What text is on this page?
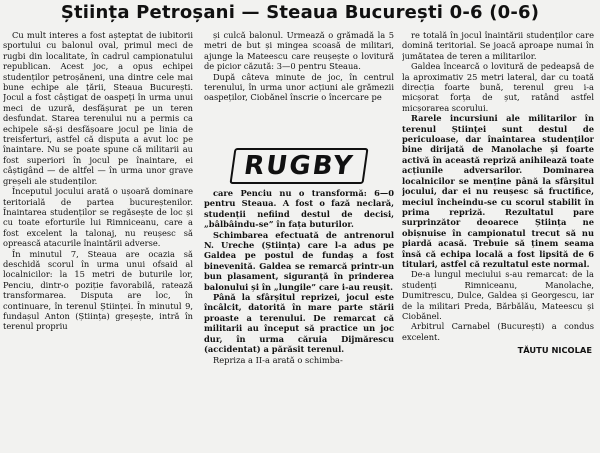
Știința Petroșani — Steaua București 0-6 (0-6)

Cu mult interes a fost așteptat de iubitorii sportului cu balonul oval, primul meci de rugbi din localitate, în cadrul campionatului republican. Acest joc, a opus echipei studenților petroșăneni, una dintre cele mai bune echipe ale țării, Steaua București. Jocul a fost câștigat de oaspeți în urma unui meci de uzură, desfășurat pe un teren desfundat. Starea terenului nu a permis ca echipele să-și desfășoare jocul pe linia de treisferturi, astfel că disputa a avut loc pe înaintare. Nu se poate spune că militarii au fost superiori în jocul pe înaintare, ei câștigând — de altfel — în urma unor grave greșeli ale studenților.

Începutul jocului arată o ușoară dominare teritorială de partea bucureștenilor. Înaintarea studenților se regăsește de loc și cu toate eforturile lui Rimniceanu, care a fost excelent la talonaj, nu reușesc să oprească atacurile înaintării adverse.

În minutul 7, Steaua are ocazia să deschidă scorul în urma unui ofsaid al localnicilor: la 15 metri de buturile lor, Penciu, dintr-o poziție favorabilă, ratează transformarea. Disputa are loc, în continuare, în terenul Științei. În minutul 9, fundașul Anton (Știința) greșește, intră în terenul propriu

și culcă balonul. Urmează o grămadă la 5 metri de but și mingea scoasă de militari, ajunge la Mateescu care reușește o lovitură de picior căzută: 3—0 pentru Steaua.

După câteva minute de joc, în centrul terenului, în urma unor acțiuni ale grămezii oaspeților, Ciobănel înscrie o încercare pe

RUGBY

care Penciu nu o transformă: 6—0 pentru Steaua. A fost o fază neclară, studenții nefiind destul de decisi, „bâlbâindu-se” în fața buturilor.

Schimbarea efectuată de antrenorul N. Ureche (Știința) care l-a adus pe Galdea pe postul de fundaș a fost binevenită. Galdea se remarcă printr-un bun plasament, siguranță în prinderea balonului și în „lungile” care i-au reușit.

Până la sfârșitul reprizei, jocul este încâlcit, datorită în mare parte stării proaste a terenului. De remarcat că militarii au început să practice un joc dur, în urma căruia Dijmărescu (accidentat) a părăsit terenul.

Repriza a II-a arată o schimba-

re totală în jocul înaintării studenților care domină teritorial. Se joacă aproape numai în jumătatea de teren a militarilor.

Galdea încearcă o lovitură de pedeapsă de la aproximativ 25 metri lateral, dar cu toată direcția foarte bună, terenul greu i-a micșorat forța de șut, ratând astfel micșorarea scorului.

Rarele incursiuni ale militarilor în terenul Științei sunt destul de periculoase, dar înaintarea studenților bine dirijată de Manolache și foarte activă în această repriză anihilează toate acțiunile adversarilor. Dominarea localnicilor se menține până la sfârșitul jocului, dar ei nu reușesc să fructifice, meciul încheindu-se cu scorul stabilit în prima repriză. Rezultatul pare surprinzător deoarece Știința ne obișnuise în campionatul trecut să nu piardă acasă. Trebuie să ținem seama însă că echipa locală a fost lipsită de 6 titulari, astfel că rezultatul este normal.

De-a lungul meciului s-au remarcat: de la studenți Rimniceanu, Manolache, Dumitrescu, Dulce, Galdea și Georgescu, iar de la militari Preda, Bărbălău, Mateescu și Ciobănel.

Arbitrul Carnabel (București) a condus excelent.

TĂUTU NICOLAE
